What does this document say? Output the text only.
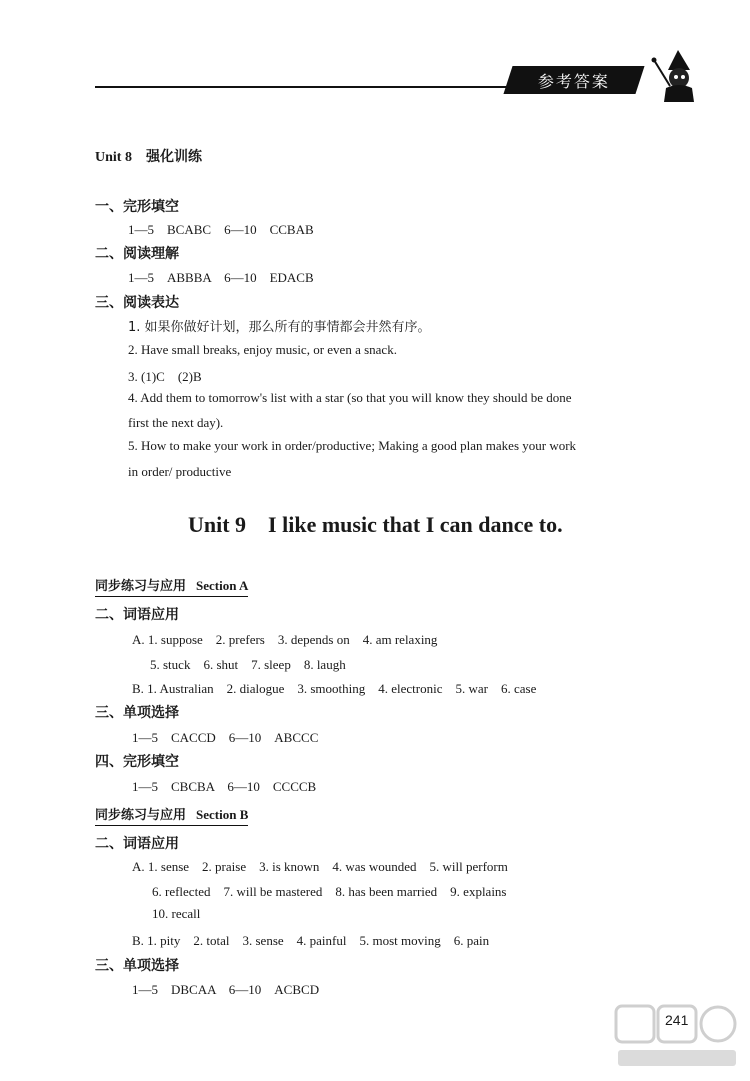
参考答案
Unit 8 强化训练
一、完形填空
1—5　BCABC　6—10　CCBAB
二、阅读理解
1—5　ABBBA　6—10　EDACB
三、阅读表达
1. 如果你做好计划，那么所有的事情都会井然有序。
2. Have small breaks, enjoy music, or even a snack.
3. (1)C　(2)B
4. Add them to tomorrow's list with a star (so that you will know they should be done
first the next day).
5. How to make your work in order/productive; Making a good plan makes your work
in order/ productive
Unit 9　I like music that I can dance to.
同步练习与应用 Section A
二、词语应用
A. 1. suppose　2. prefers　3. depends on　4. am relaxing
5. stuck　6. shut　7. sleep　8. laugh
B. 1. Australian　2. dialogue　3. smoothing　4. electronic　5. war　6. case
三、单项选择
1—5　CACCD　6—10　ABCCC
四、完形填空
1—5　CBCBA　6—10　CCCCB
同步练习与应用 Section B
二、词语应用
A. 1. sense　2. praise　3. is known　4. was wounded　5. will perform
6. reflected　7. will be mastered　8. has been married　9. explains
10. recall
B. 1. pity　2. total　3. sense　4. painful　5. most moving　6. pain
三、单项选择
1—5　DBCAA　6—10　ACBCD
241
